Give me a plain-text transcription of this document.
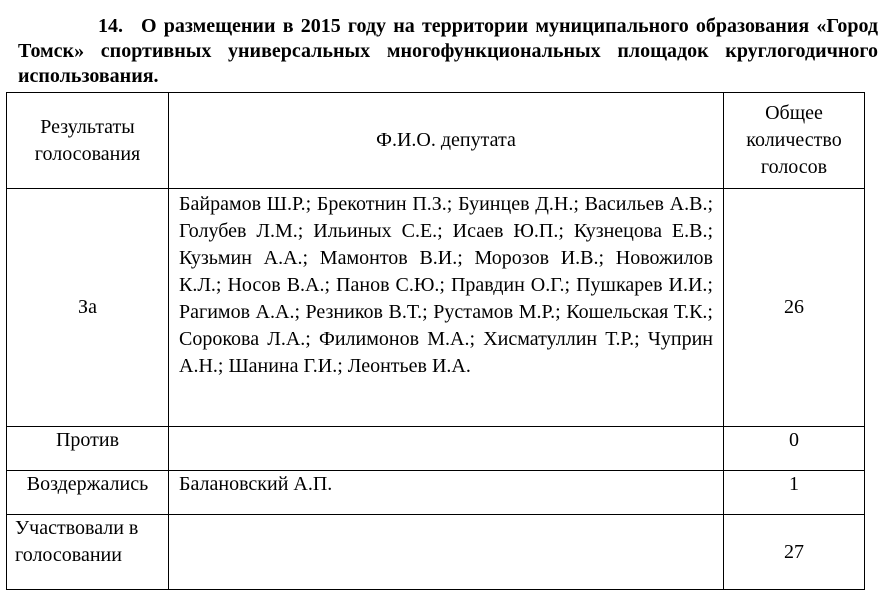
14. О размещении в 2015 году на территории муниципального образования «Город Томск» спортивных универсальных многофункциональных площадок круглогодичного использования.
Результаты голосования	Ф.И.О. депутата	Общее количество голосов
За	Байрамов Ш.Р.; Брекотнин П.З.; Буинцев Д.Н.; Васильев А.В.; Голубев Л.М.; Ильиных С.Е.; Исаев Ю.П.; Кузнецова Е.В.; Кузьмин А.А.; Мамонтов В.И.; Морозов И.В.; Новожилов К.Л.; Носов В.А.; Панов С.Ю.; Правдин О.Г.; Пушкарев И.И.; Рагимов А.А.; Резников В.Т.; Рустамов М.Р.; Кошельская Т.К.; Сорокова Л.А.; Филимонов М.А.; Хисматуллин Т.Р.; Чуприн А.Н.; Шанина Г.И.; Леонтьев И.А.	26
Против		0
Воздержались	Балановский А.П.	1
Участвовали в голосовании		27
